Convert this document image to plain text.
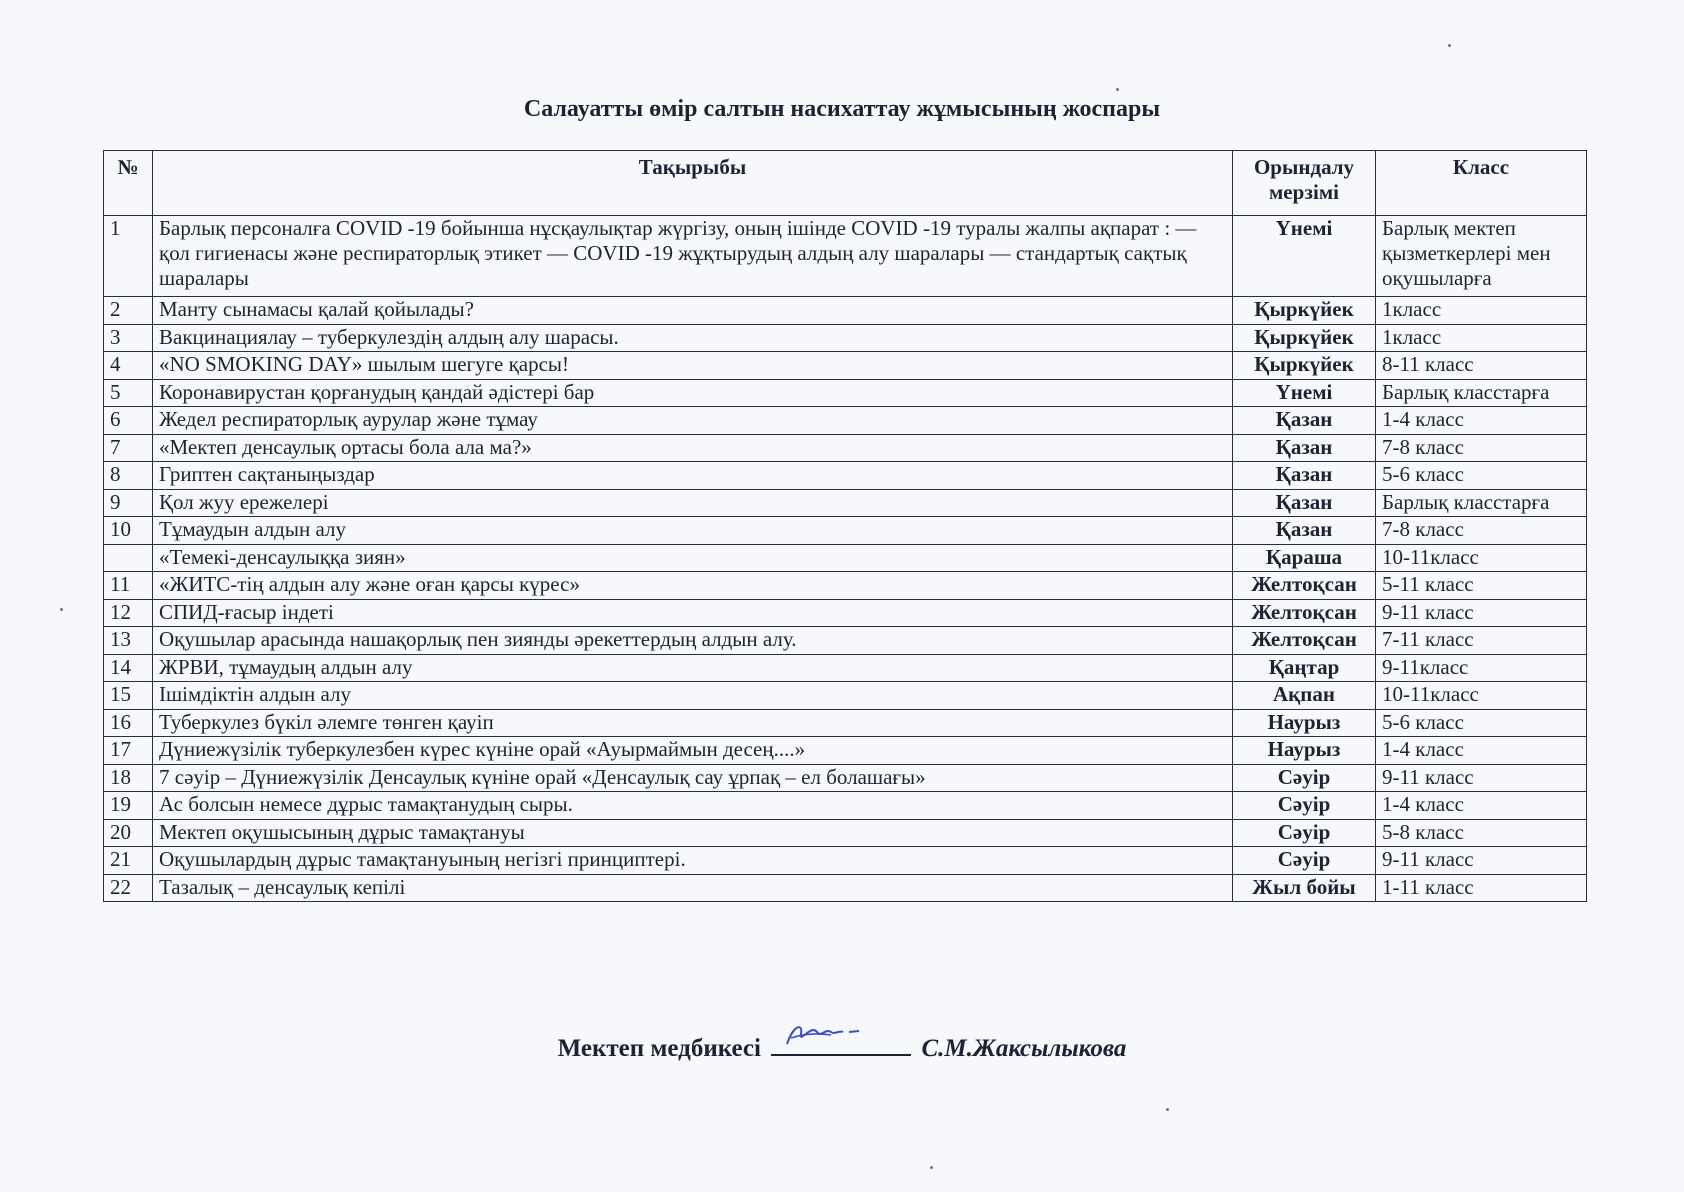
Салауатты өмір салтын насихаттау жұмысының жоспары
№	Тақырыбы	Орындалу мерзімі	Класс
1	Барлық персоналға COVID -19 бойынша нұсқаулықтар жүргізу, оның ішінде COVID -19 туралы жалпы ақпарат : — қол гигиенасы және респираторлық этикет — COVID -19 жұқтырудың алдың алу шаралары — стандартық сақтық шаралары	Үнемі	Барлық мектеп қызметкерлері мен оқушыларға
2	Манту сынамасы қалай қойылады?	Қыркүйек	1класс
3	Вакцинациялау – туберкулездің алдың алу шарасы.	Қыркүйек	1класс
4	«NO SMOKING DAY» шылым шегуге қарсы!	Қыркүйек	8-11 класс
5	Коронавирустан қорғанудың қандай әдістері бар	Үнемі	Барлық класстарға
6	Жедел респираторлық аурулар және тұмау	Қазан	1-4 класс
7	«Мектеп денсаулық ортасы бола ала ма?»	Қазан	7-8 класс
8	Гриптен сақтаныңыздар	Қазан	5-6 класс
9	Қол жуу ережелері	Қазан	Барлық класстарға
10	Тұмаудын алдын алу	Қазан	7-8 класс
	«Темекі-денсаулыққа зиян»	Қараша	10-11класс
11	«ЖИТС-тің алдын алу және оған қарсы күрес»	Желтоқсан	5-11 класс
12	СПИД-ғасыр індеті	Желтоқсан	9-11 класс
13	Оқушылар арасында нашақорлық пен зиянды әрекеттердың алдын алу.	Желтоқсан	7-11 класс
14	ЖРВИ, тұмаудың алдын алу	Қаңтар	9-11класс
15	Ішімдіктін алдын алу	Ақпан	10-11класс
16	Туберкулез бүкіл әлемге төнген қауіп	Наурыз	5-6 класс
17	Дүниежүзілік туберкулезбен күрес күніне орай «Ауырмаймын десең....»	Наурыз	1-4 класс
18	7 сәуір – Дүниежүзілік Денсаулық күніне орай «Денсаулық сау ұрпақ – ел болашағы»	Сәуір	9-11 класс
19	Ас болсын немесе дұрыс тамақтанудың сыры.	Сәуір	1-4 класс
20	Мектеп оқушысының дұрыс тамақтануы	Сәуір	5-8 класс
21	Оқушылардың дұрыс тамақтануының негізгі принциптері.	Сәуір	9-11 класс
22	Тазалық – денсаулық кепілі	Жыл бойы	1-11 класс
Мектеп медбикесі	С.М.Жаксылыкова
